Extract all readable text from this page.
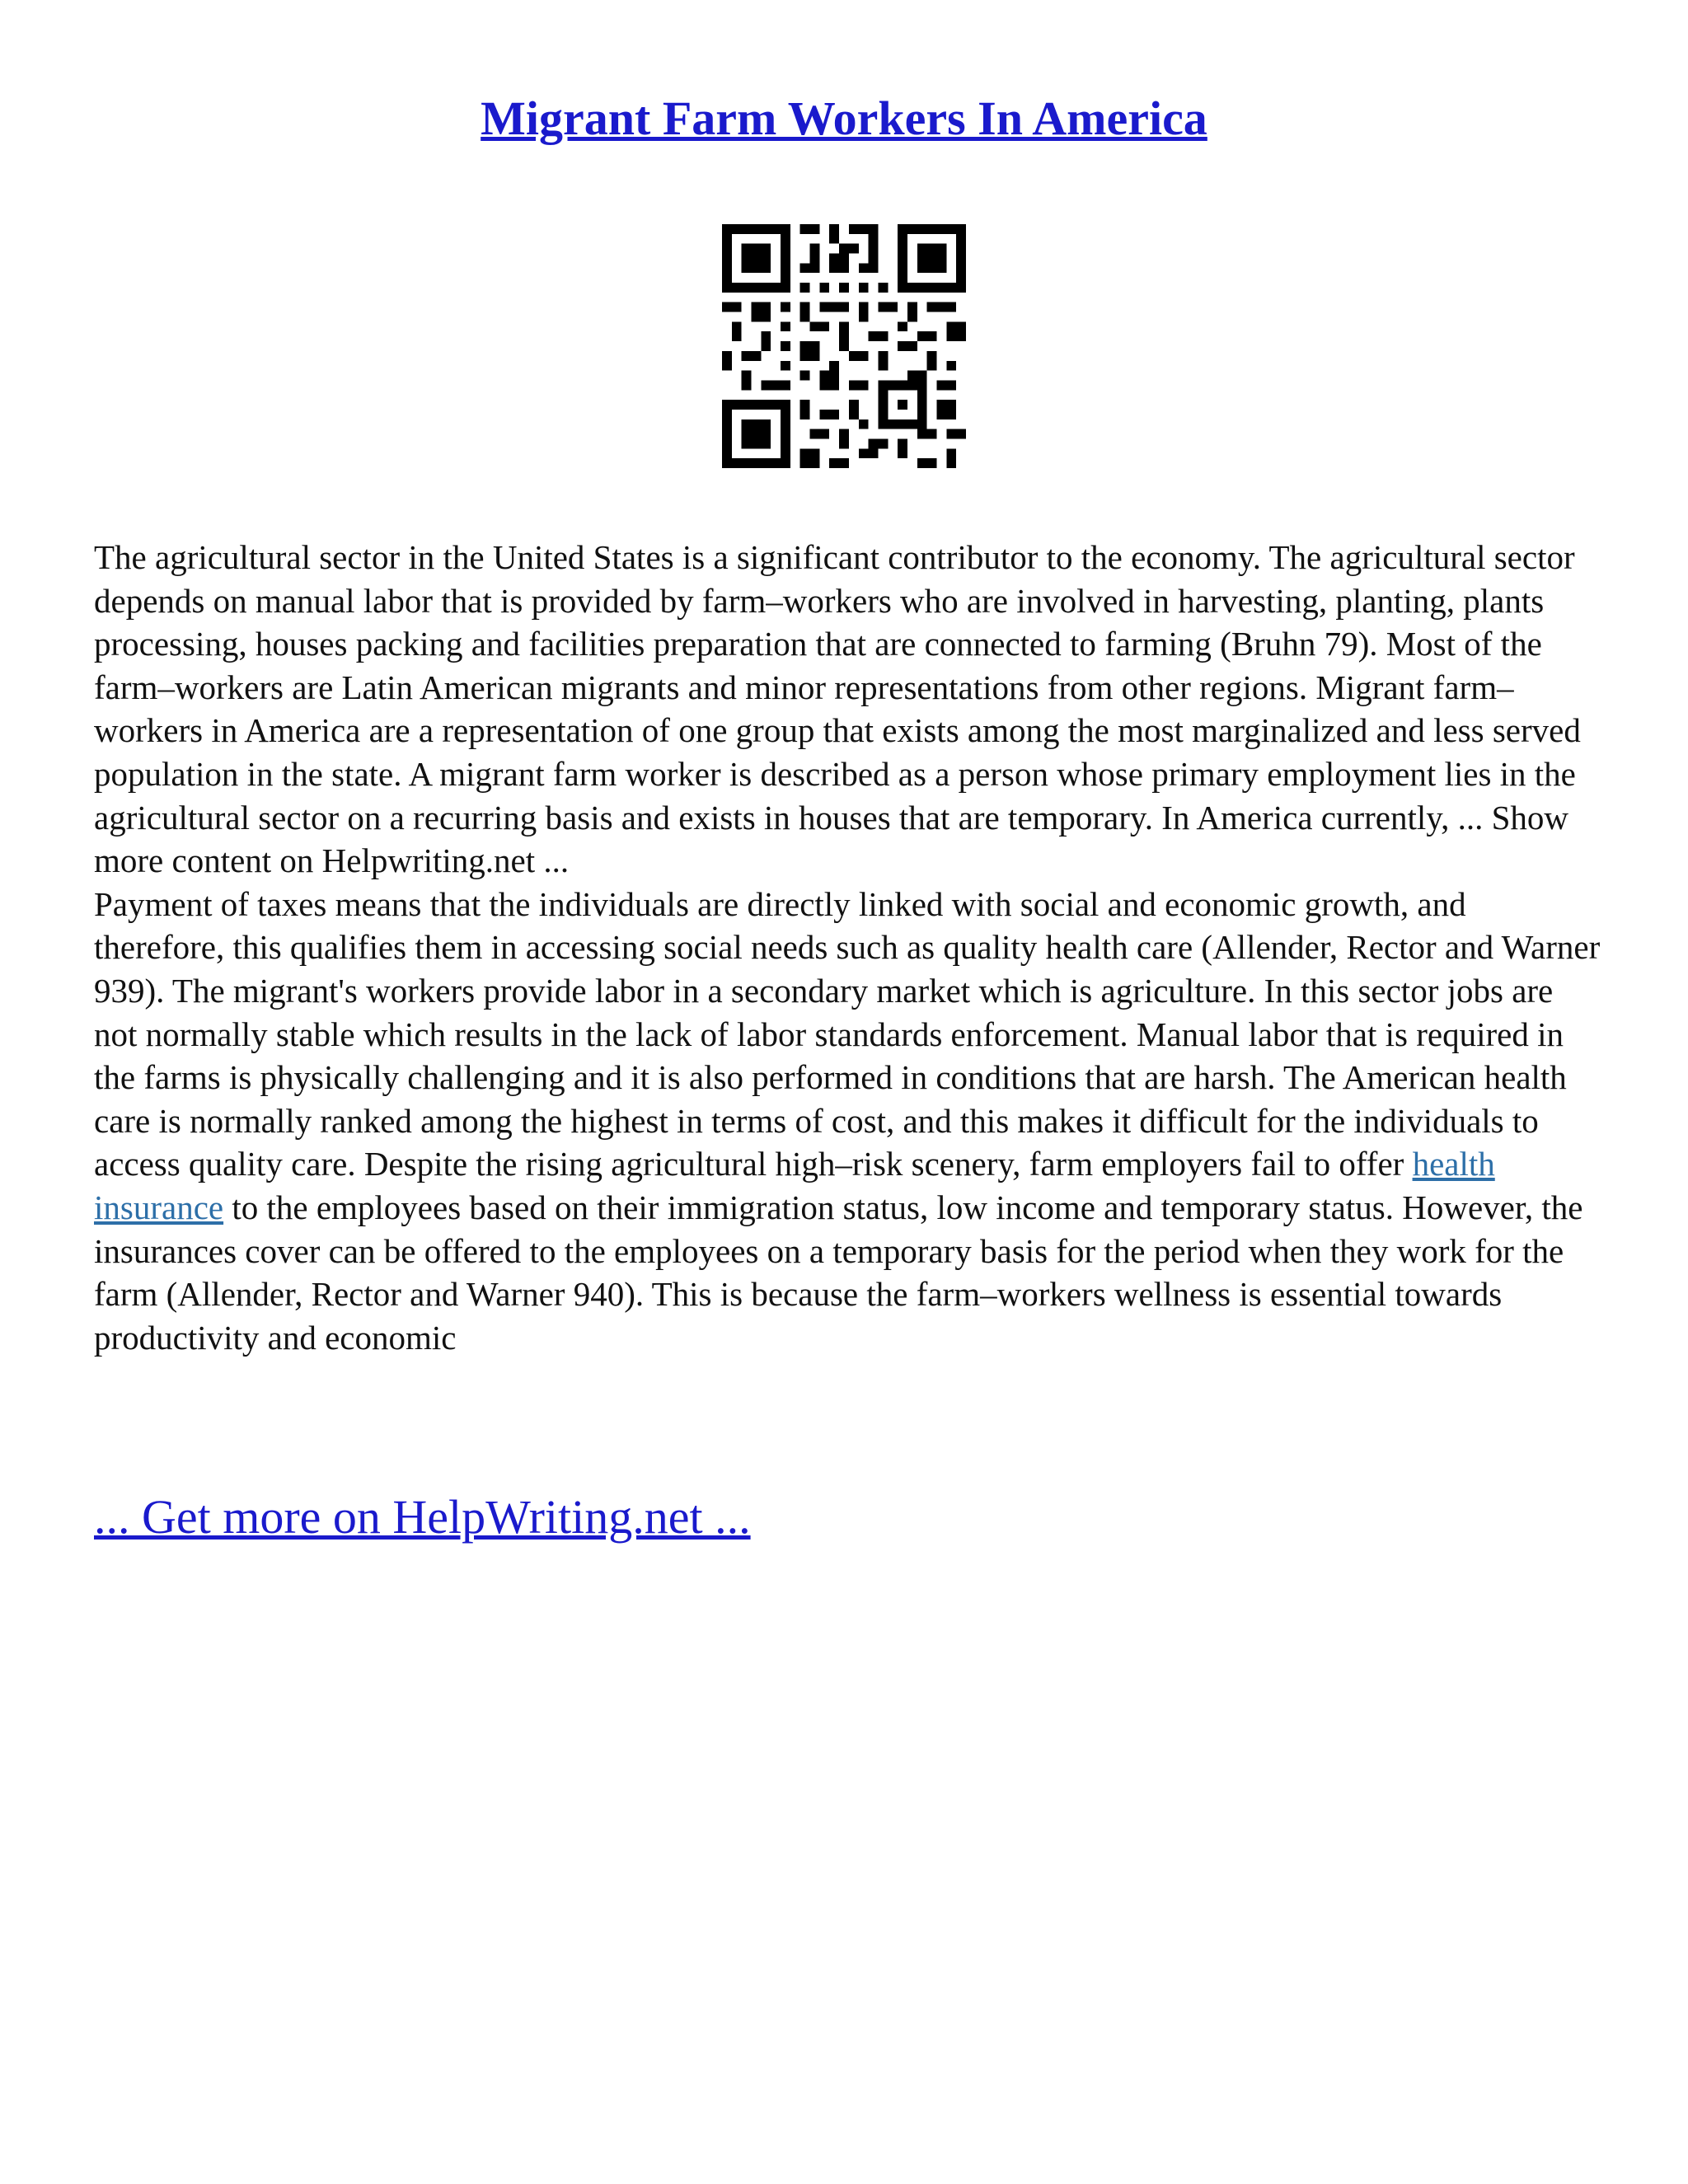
Migrant Farm Workers In America

The agricultural sector in the United States is a significant contributor to the economy. The agricultural sector depends on manual labor that is provided by farm–workers who are involved in harvesting, planting, plants processing, houses packing and facilities preparation that are connected to farming (Bruhn 79). Most of the farm–workers are Latin American migrants and minor representations from other regions. Migrant farm–workers in America are a representation of one group that exists among the most marginalized and less served population in the state. A migrant farm worker is described as a person whose primary employment lies in the agricultural sector on a recurring basis and exists in houses that are temporary. In America currently, ... Show more content on Helpwriting.net ...

Payment of taxes means that the individuals are directly linked with social and economic growth, and therefore, this qualifies them in accessing social needs such as quality health care (Allender, Rector and Warner 939). The migrant's workers provide labor in a secondary market which is agriculture. In this sector jobs are not normally stable which results in the lack of labor standards enforcement. Manual labor that is required in the farms is physically challenging and it is also performed in conditions that are harsh. The American health care is normally ranked among the highest in terms of cost, and this makes it difficult for the individuals to access quality care. Despite the rising agricultural high–risk scenery, farm employers fail to offer health insurance to the employees based on their immigration status, low income and temporary status. However, the insurances cover can be offered to the employees on a temporary basis for the period when they work for the farm (Allender, Rector and Warner 940). This is because the farm–workers wellness is essential towards productivity and economic

... Get more on HelpWriting.net ...
